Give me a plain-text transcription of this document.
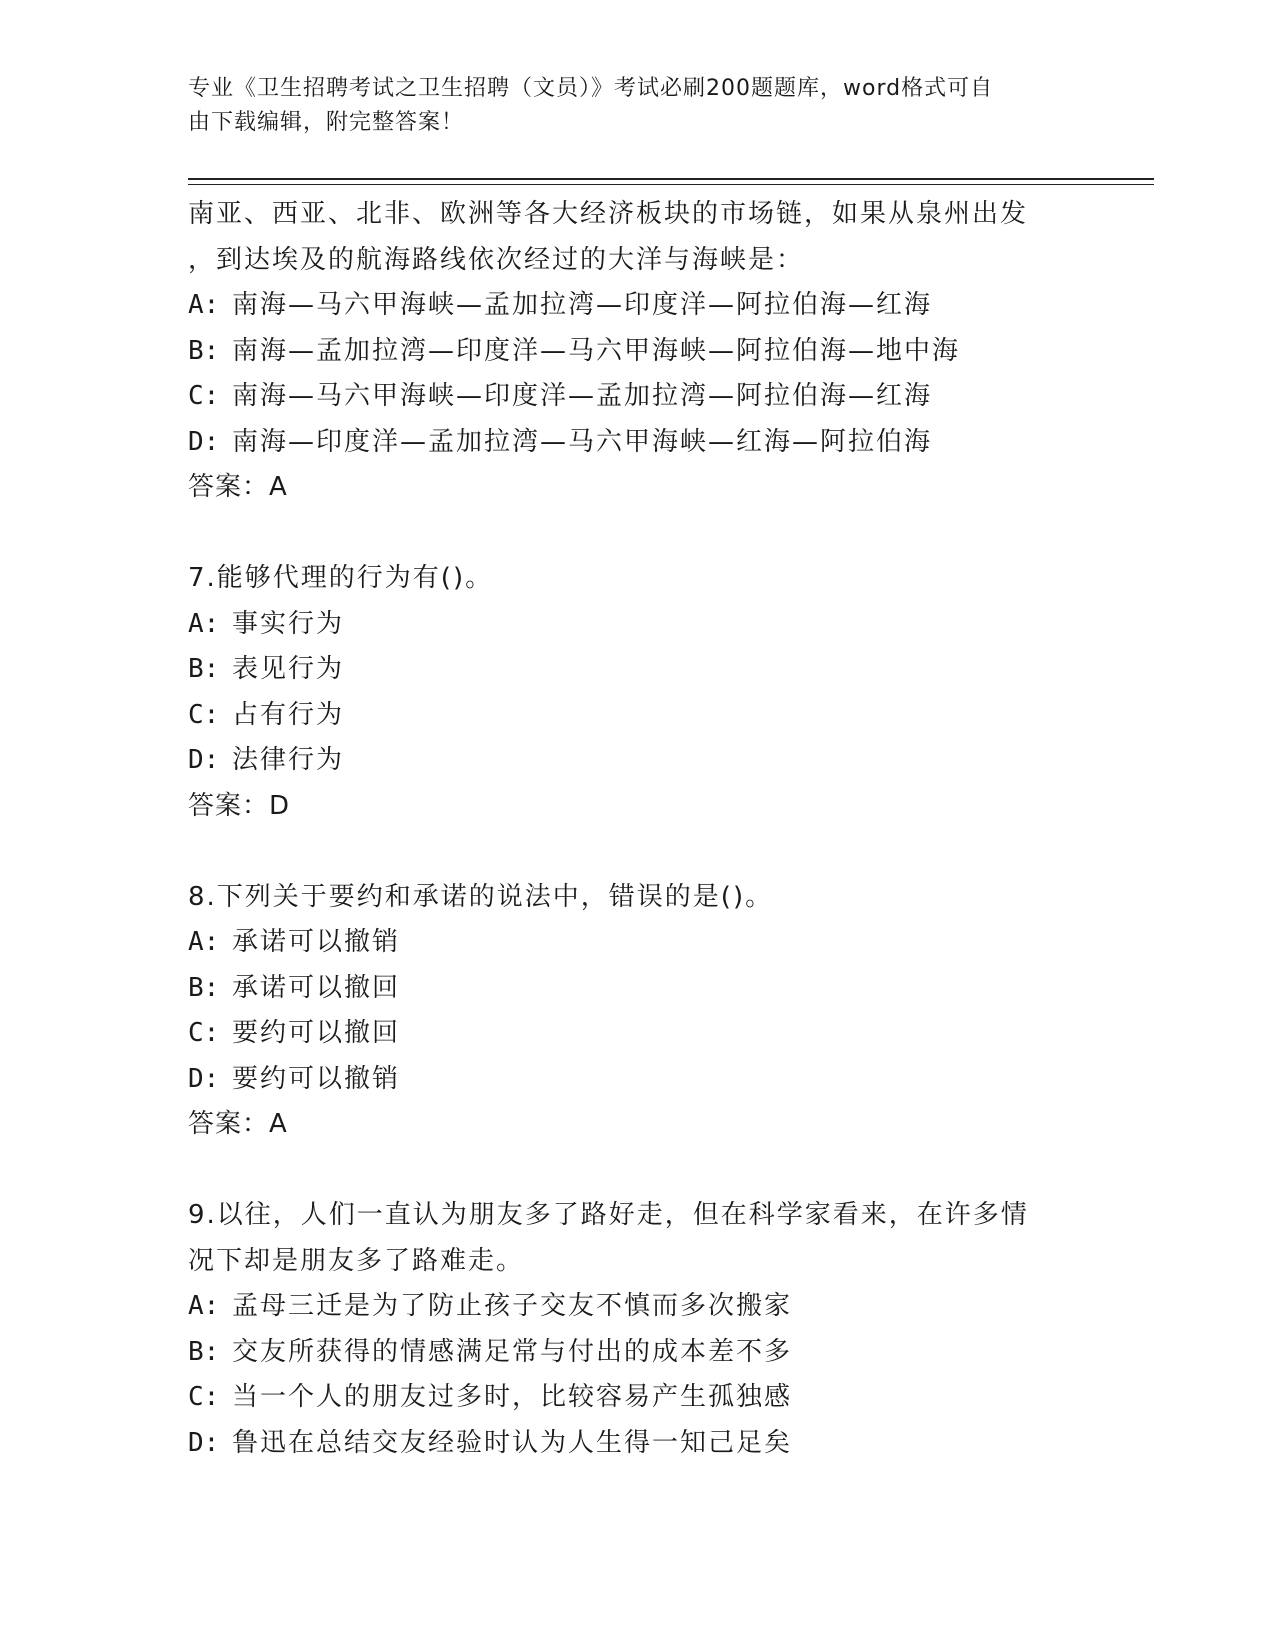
专业《卫生招聘考试之卫生招聘（文员）》考试必刷200题题库，word格式可自
由下载编辑，附完整答案！
南亚、西亚、北非、欧洲等各大经济板块的市场链，如果从泉州出发
，到达埃及的航海路线依次经过的大洋与海峡是：
A: 南海—马六甲海峡—孟加拉湾—印度洋—阿拉伯海—红海
B: 南海—孟加拉湾—印度洋—马六甲海峡—阿拉伯海—地中海
C: 南海—马六甲海峡—印度洋—孟加拉湾—阿拉伯海—红海
D: 南海—印度洋—孟加拉湾—马六甲海峡—红海—阿拉伯海
答案：A
7.能够代理的行为有()。
A: 事实行为
B: 表见行为
C: 占有行为
D: 法律行为
答案：D
8.下列关于要约和承诺的说法中，错误的是()。
A: 承诺可以撤销
B: 承诺可以撤回
C: 要约可以撤回
D: 要约可以撤销
答案：A
9.以往，人们一直认为朋友多了路好走，但在科学家看来，在许多情
况下却是朋友多了路难走。
A: 孟母三迁是为了防止孩子交友不慎而多次搬家
B: 交友所获得的情感满足常与付出的成本差不多
C: 当一个人的朋友过多时，比较容易产生孤独感
D: 鲁迅在总结交友经验时认为人生得一知己足矣
